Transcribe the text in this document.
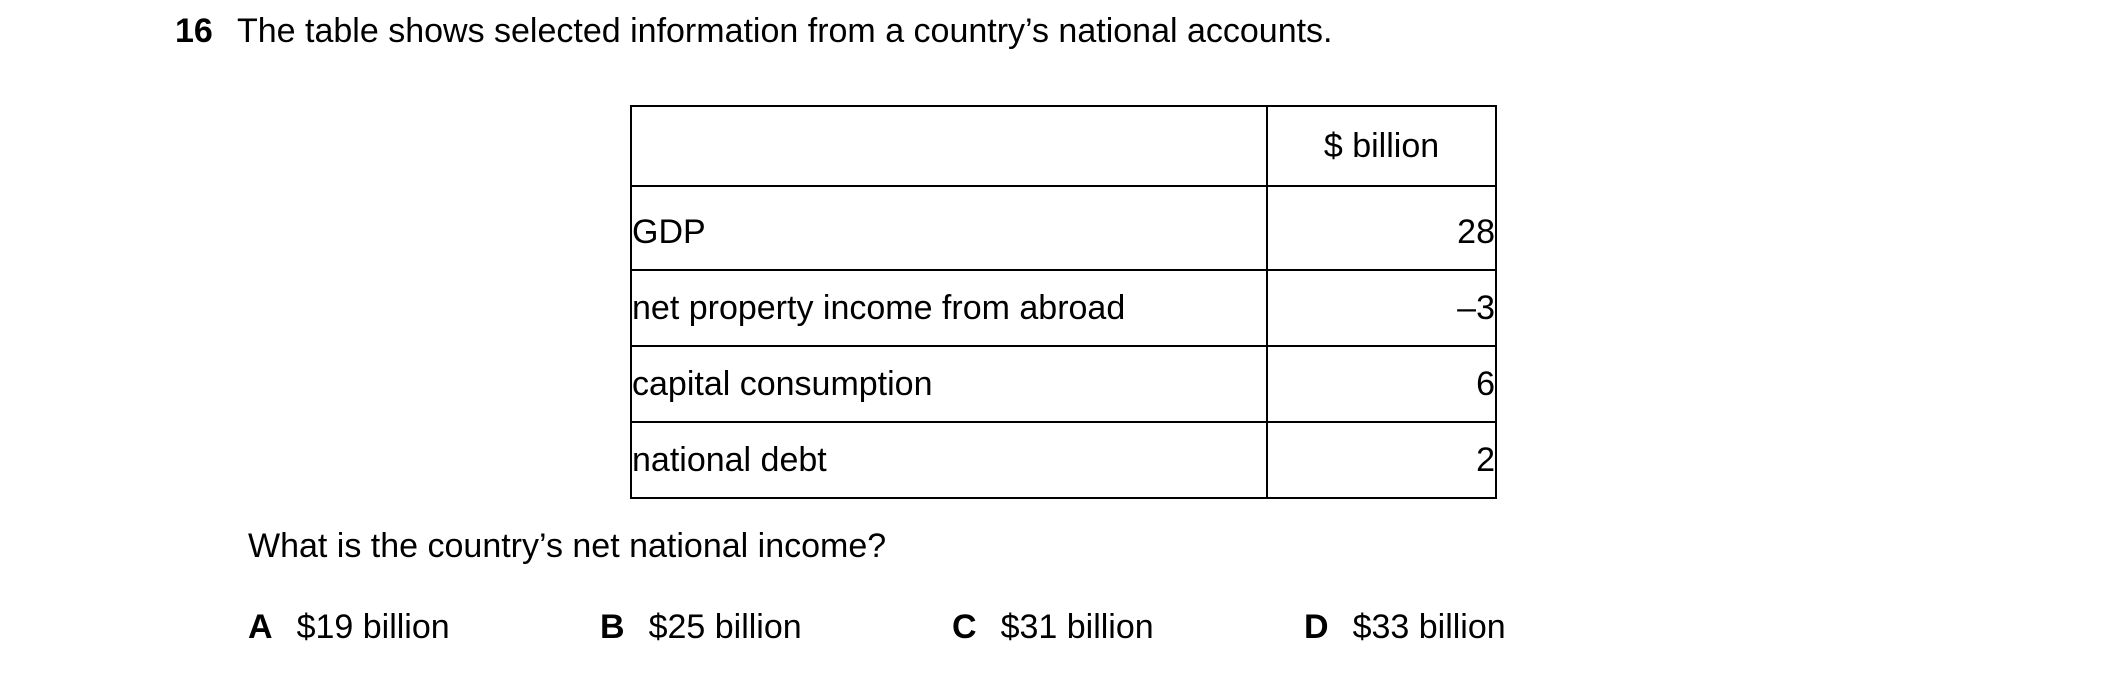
16 The table shows selected information from a country’s national accounts.
	$ billion
GDP	28
net property income from abroad	–3
capital consumption	6
national debt	2
What is the country’s net national income?
A $19 billion	B $25 billion	C $31 billion	D $33 billion
